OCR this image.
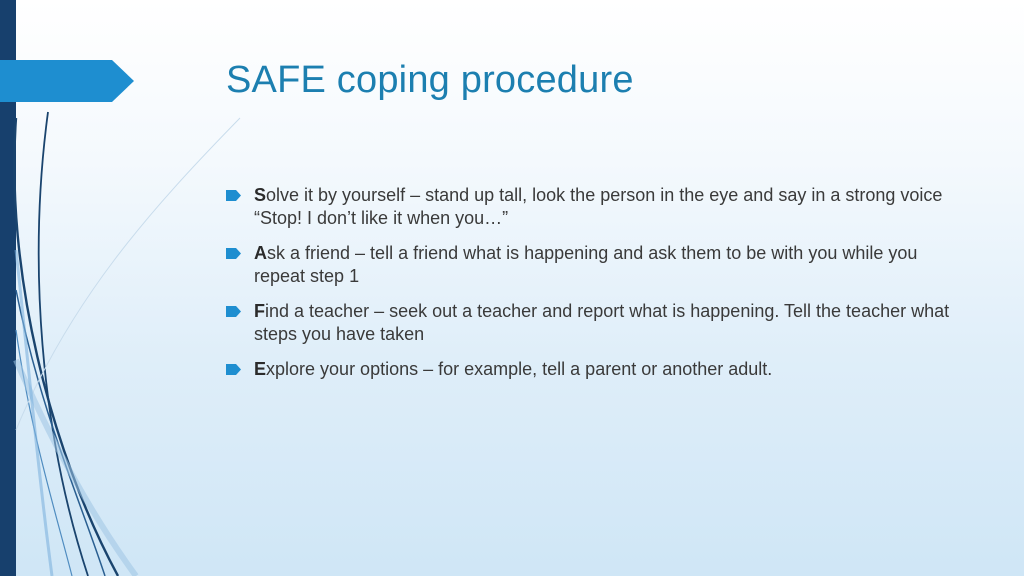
SAFE coping procedure
Solve it by yourself – stand up tall, look the person in the eye and say in a strong voice “Stop! I don’t like it when you…”
Ask a friend – tell a friend what is happening and ask them to be with you while you repeat step 1
Find a teacher – seek out a teacher and report what is happening. Tell the teacher what steps you have taken
Explore your options – for example, tell a parent or another adult.
